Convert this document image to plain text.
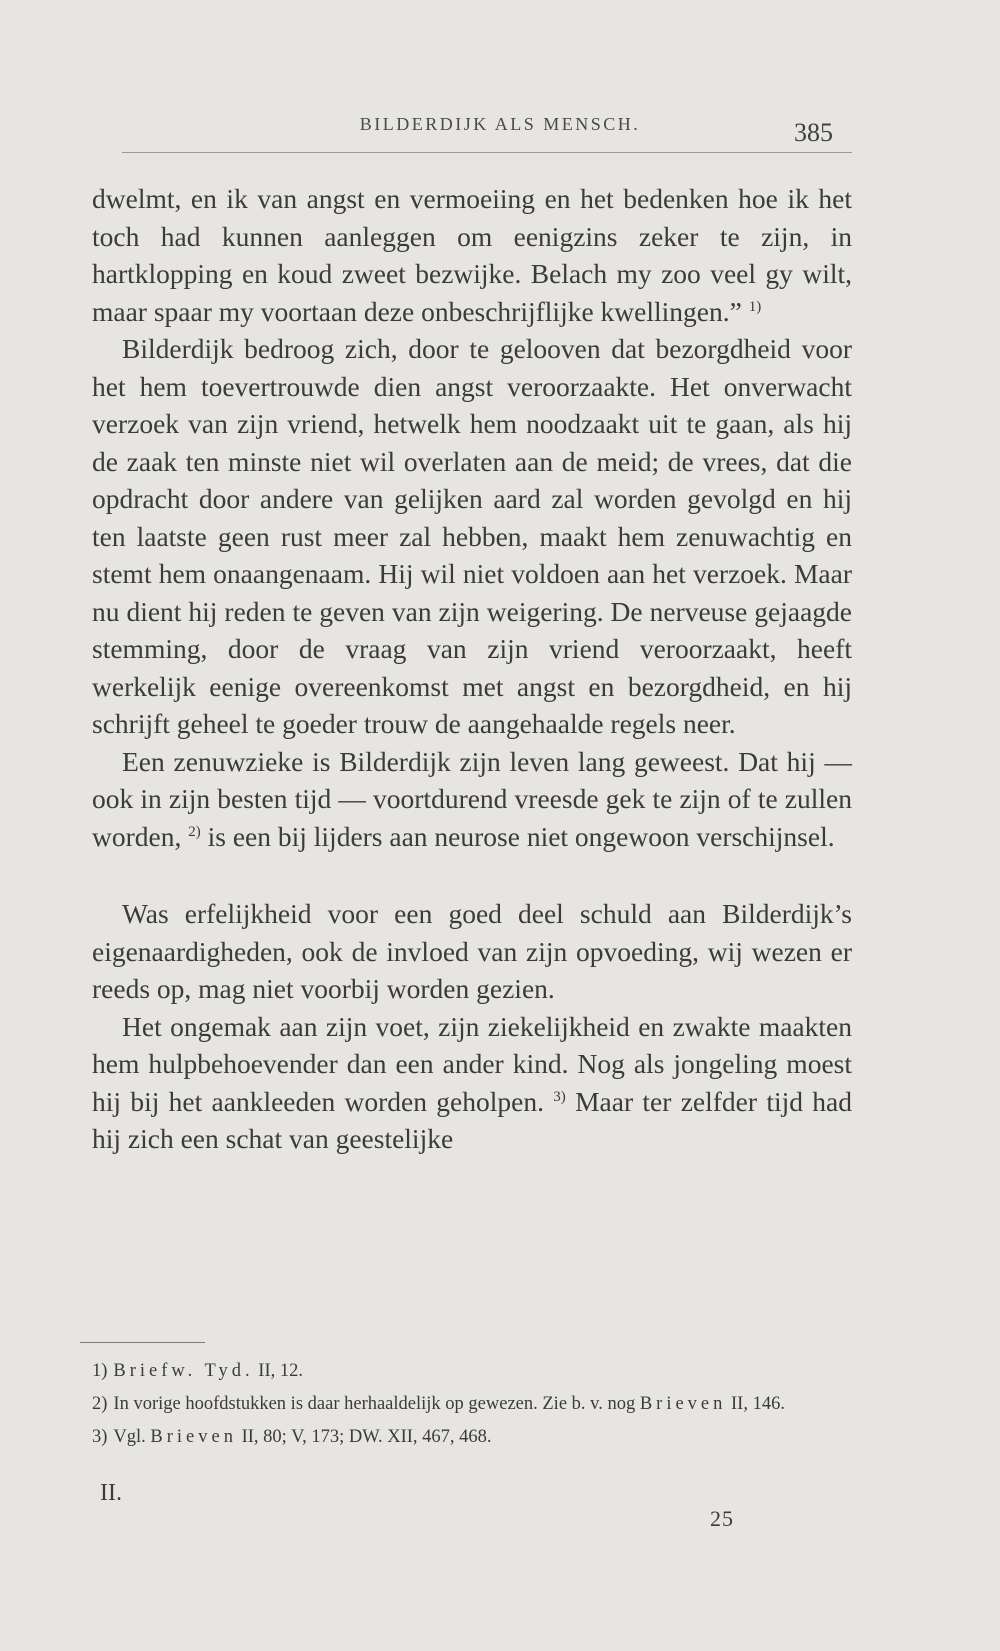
BILDERDIJK ALS MENSCH.	385

dwelmt, en ik van angst en vermoeiing en het bedenken hoe ik het toch had kunnen aanleggen om eenigzins zeker te zijn, in hartklopping en koud zweet bezwijke. Belach my zoo veel gy wilt, maar spaar my voortaan deze onbeschrijflijke kwellingen.” $^{1)}$

Bilderdijk bedroog zich, door te gelooven dat bezorgdheid voor het hem toevertrouwde dien angst veroorzaakte. Het onverwacht verzoek van zijn vriend, hetwelk hem noodzaakt uit te gaan, als hij de zaak ten minste niet wil overlaten aan de meid; de vrees, dat die opdracht door andere van gelijken aard zal worden gevolgd en hij ten laatste geen rust meer zal hebben, maakt hem zenuwachtig en stemt hem onaangenaam. Hij wil niet voldoen aan het verzoek. Maar nu dient hij reden te geven van zijn weigering. De nerveuse gejaagde stemming, door de vraag van zijn vriend veroorzaakt, heeft werkelijk eenige overeenkomst met angst en bezorgdheid, en hij schrijft geheel te goeder trouw de aangehaalde regels neer.

Een zenuwzieke is Bilderdijk zijn leven lang geweest. Dat hij — ook in zijn besten tijd — voortdurend vreesde gek te zijn of te zullen worden, $^{2)}$ is een bij lijders aan neurose niet ongewoon verschijnsel.

Was erfelijkheid voor een goed deel schuld aan Bilderdijk’s eigenaardigheden, ook de invloed van zijn opvoeding, wij wezen er reeds op, mag niet voorbij worden gezien.

Het ongemak aan zijn voet, zijn ziekelijkheid en zwakte maakten hem hulpbehoevender dan een ander kind. Nog als jongeling moest hij bij het aankleeden worden geholpen. $^{3)}$ Maar ter zelfder tijd had hij zich een schat van geestelijke

1) Briefw. Tyd. II, 12.

2) In vorige hoofdstukken is daar herhaaldelijk op gewezen. Zie b. v. nog Brieven II, 146.

3) Vgl. Brieven II, 80; V, 173; DW. XII, 467, 468.

II.
25
